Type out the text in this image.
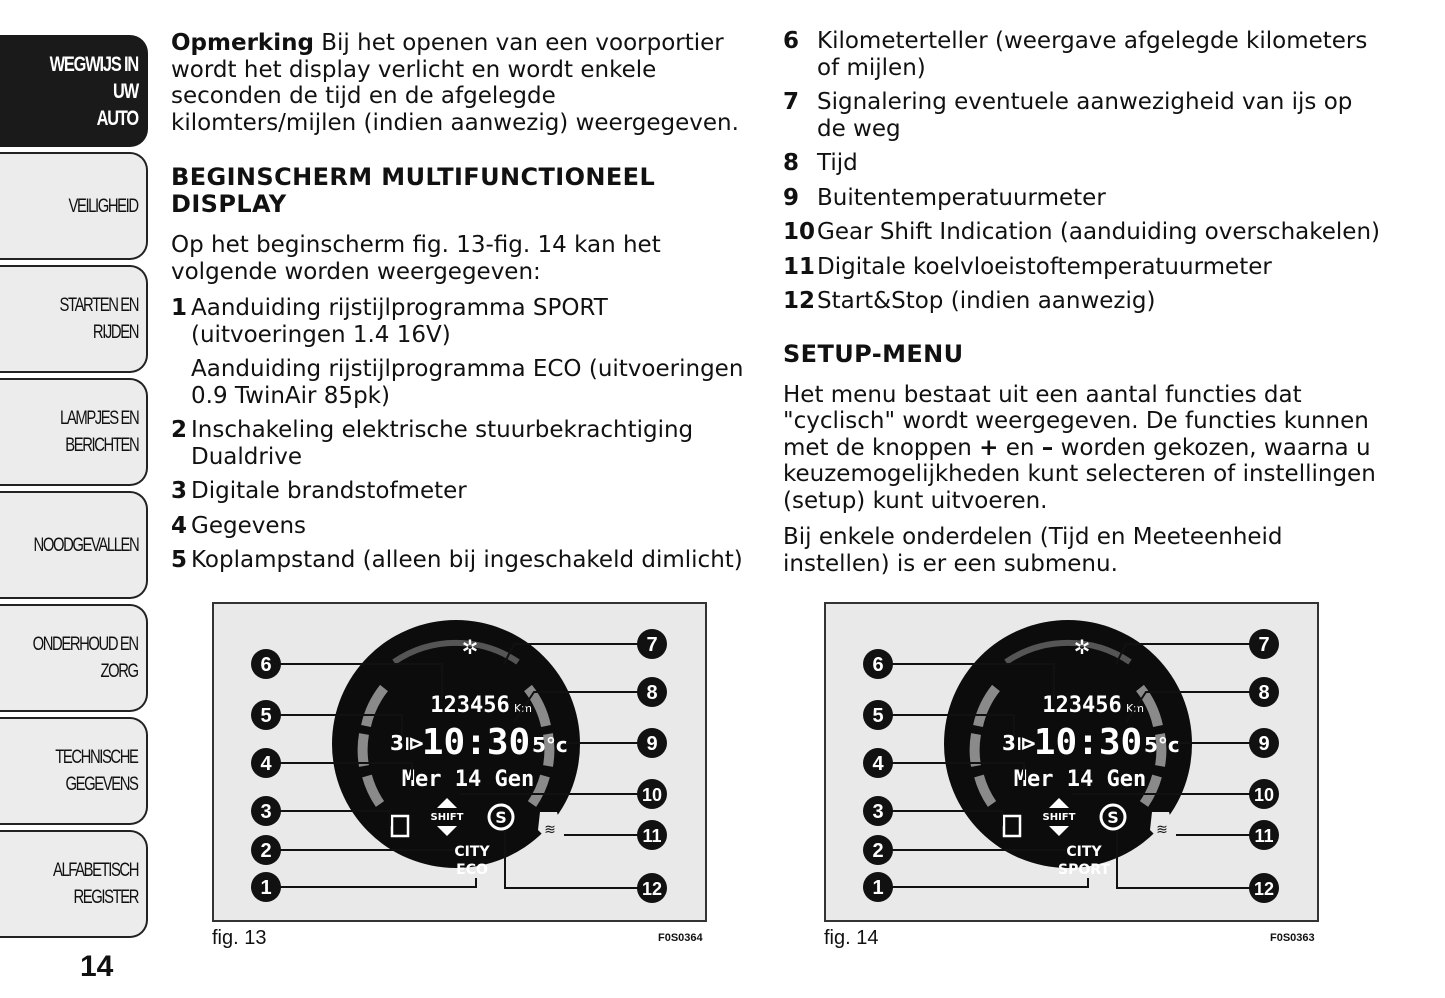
WEGWIJS IN UW
AUTO
VEILIGHEID
STARTEN EN RIJDEN
LAMPJES EN
BERICHTEN
NOODGEVALLEN
ONDERHOUD EN
ZORG
TECHNISCHE
GEGEVENS
ALFABETISCH
REGISTER
14

Opmerking Bij het openen van een voorportier wordt het display verlicht en wordt enkele seconden de tijd en de afgelegde kilomters/mijlen (indien aanwezig) weergegeven.

BEGINSCHERM MULTIFUNCTIONEEL DISPLAY

Op het beginscherm fig. 13-fig. 14 kan het volgende worden weergegeven:

1 Aanduiding rijstijlprogramma SPORT (uitvoeringen 1.4 16V)
Aanduiding rijstijlprogramma ECO (uitvoeringen 0.9 TwinAir 85pk)
2 Inschakeling elektrische stuurbekrachtiging Dualdrive
3 Digitale brandstofmeter
4 Gegevens
5 Koplampstand (alleen bij ingeschakeld dimlicht)
6 Kilometerteller (weergave afgelegde kilometers of mijlen)
7 Signalering eventuele aanwezigheid van ijs op de weg
8 Tijd
9 Buitentemperatuurmeter
10 Gear Shift Indication (aanduiding overschakelen)
11 Digitale koelvloeistoftemperatuurmeter
12 Start&Stop (indien aanwezig)
SETUP-MENU

Het menu bestaat uit een aantal functies dat "cyclisch" wordt weergegeven. De functies kunnen met de knoppen + en – worden gekozen, waarna u keuzemogelijkheden kunt selecteren of instellingen (setup) kunt uitvoeren.

Bij enkele onderdelen (Tijd en Meeteenheid instellen) is er een submenu.

✲
123456 Km
3⧐
10:30 5°c
Mer 14 Gen
SHIFT S
≋
CITY
ECO
1
2
3
4
5
6
7
8
9
10
11
12
fig. 13	F0S0364
✲
123456 Km
3⧐
10:30 5°c
Mer 14 Gen
SHIFT S
≋
CITY
SPORT
1
2
3
4
5
6
7
8
9
10
11
12
fig. 14	F0S0363
